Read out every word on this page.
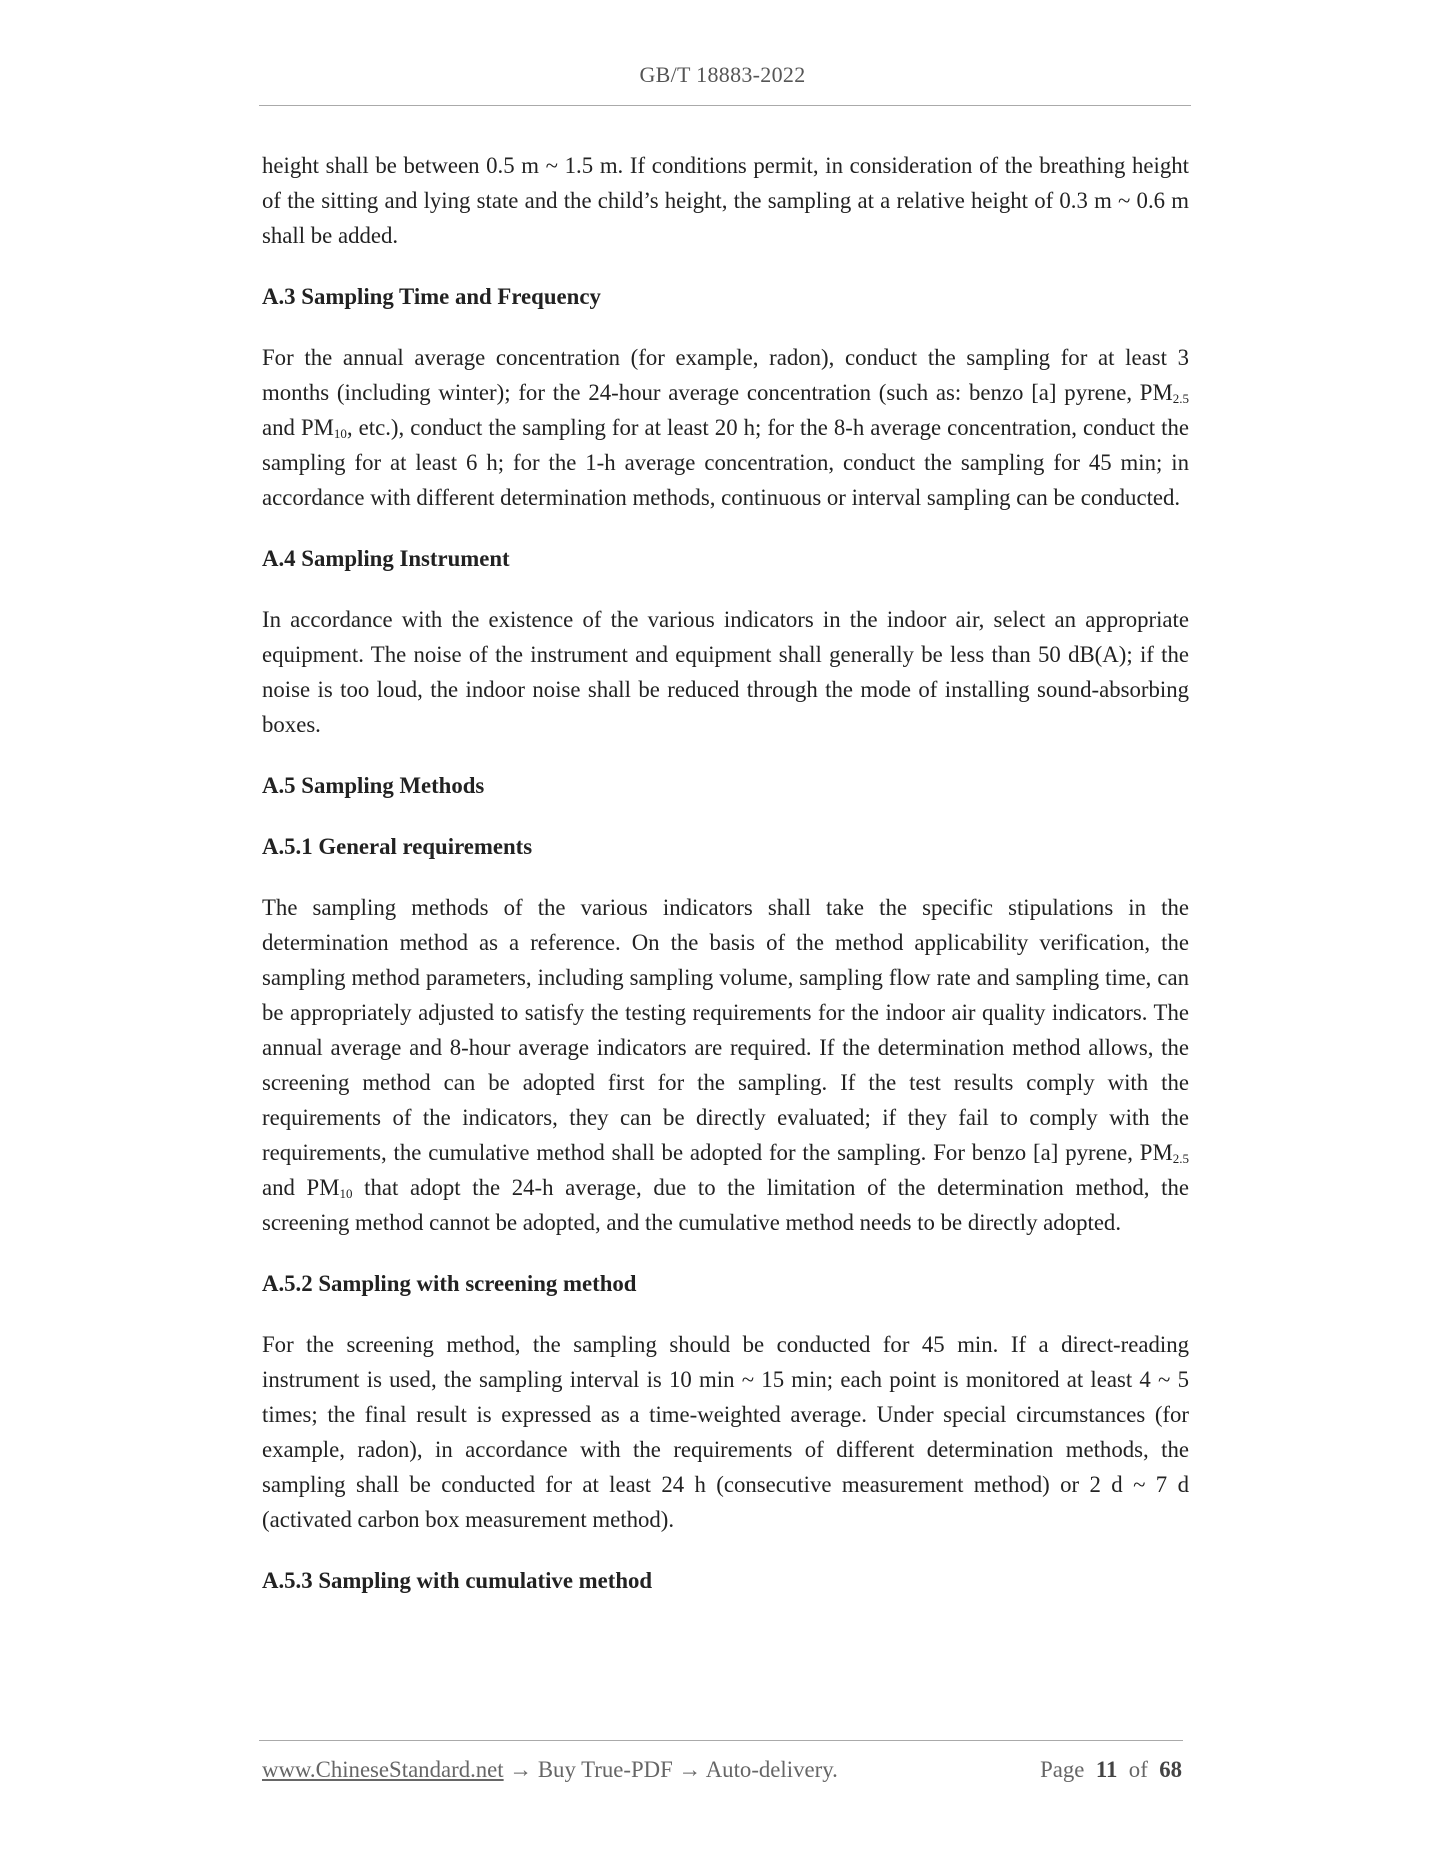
GB/T 18883-2022

height shall be between 0.5 m ~ 1.5 m. If conditions permit, in consideration of the breathing height of the sitting and lying state and the child’s height, the sampling at a relative height of 0.3 m ~ 0.6 m shall be added.

A.3 Sampling Time and Frequency

For the annual average concentration (for example, radon), conduct the sampling for at least 3 months (including winter); for the 24-hour average concentration (such as: benzo [a] pyrene, $PM_{2.5}$ and $PM_{10}$, etc.), conduct the sampling for at least 20 h; for the 8-h average concentration, conduct the sampling for at least 6 h; for the 1-h average concentration, conduct the sampling for 45 min; in accordance with different determination methods, continuous or interval sampling can be conducted.

A.4 Sampling Instrument

In accordance with the existence of the various indicators in the indoor air, select an appropriate equipment. The noise of the instrument and equipment shall generally be less than 50 dB(A); if the noise is too loud, the indoor noise shall be reduced through the mode of installing sound-absorbing boxes.

A.5 Sampling Methods
A.5.1 General requirements

The sampling methods of the various indicators shall take the specific stipulations in the determination method as a reference. On the basis of the method applicability verification, the sampling method parameters, including sampling volume, sampling flow rate and sampling time, can be appropriately adjusted to satisfy the testing requirements for the indoor air quality indicators. The annual average and 8-hour average indicators are required. If the determination method allows, the screening method can be adopted first for the sampling. If the test results comply with the requirements of the indicators, they can be directly evaluated; if they fail to comply with the requirements, the cumulative method shall be adopted for the sampling. For benzo [a] pyrene, $PM_{2.5}$ and $PM_{10}$ that adopt the 24-h average, due to the limitation of the determination method, the screening method cannot be adopted, and the cumulative method needs to be directly adopted.

A.5.2 Sampling with screening method

For the screening method, the sampling should be conducted for 45 min. If a direct-reading instrument is used, the sampling interval is 10 min ~ 15 min; each point is monitored at least 4 ~ 5 times; the final result is expressed as a time-weighted average. Under special circumstances (for example, radon), in accordance with the requirements of different determination methods, the sampling shall be conducted for at least 24 h (consecutive measurement method) or 2 d ~ 7 d (activated carbon box measurement method).

A.5.3 Sampling with cumulative method
www.ChineseStandard.net → Buy True-PDF → Auto-delivery.	Page 11 of 68
